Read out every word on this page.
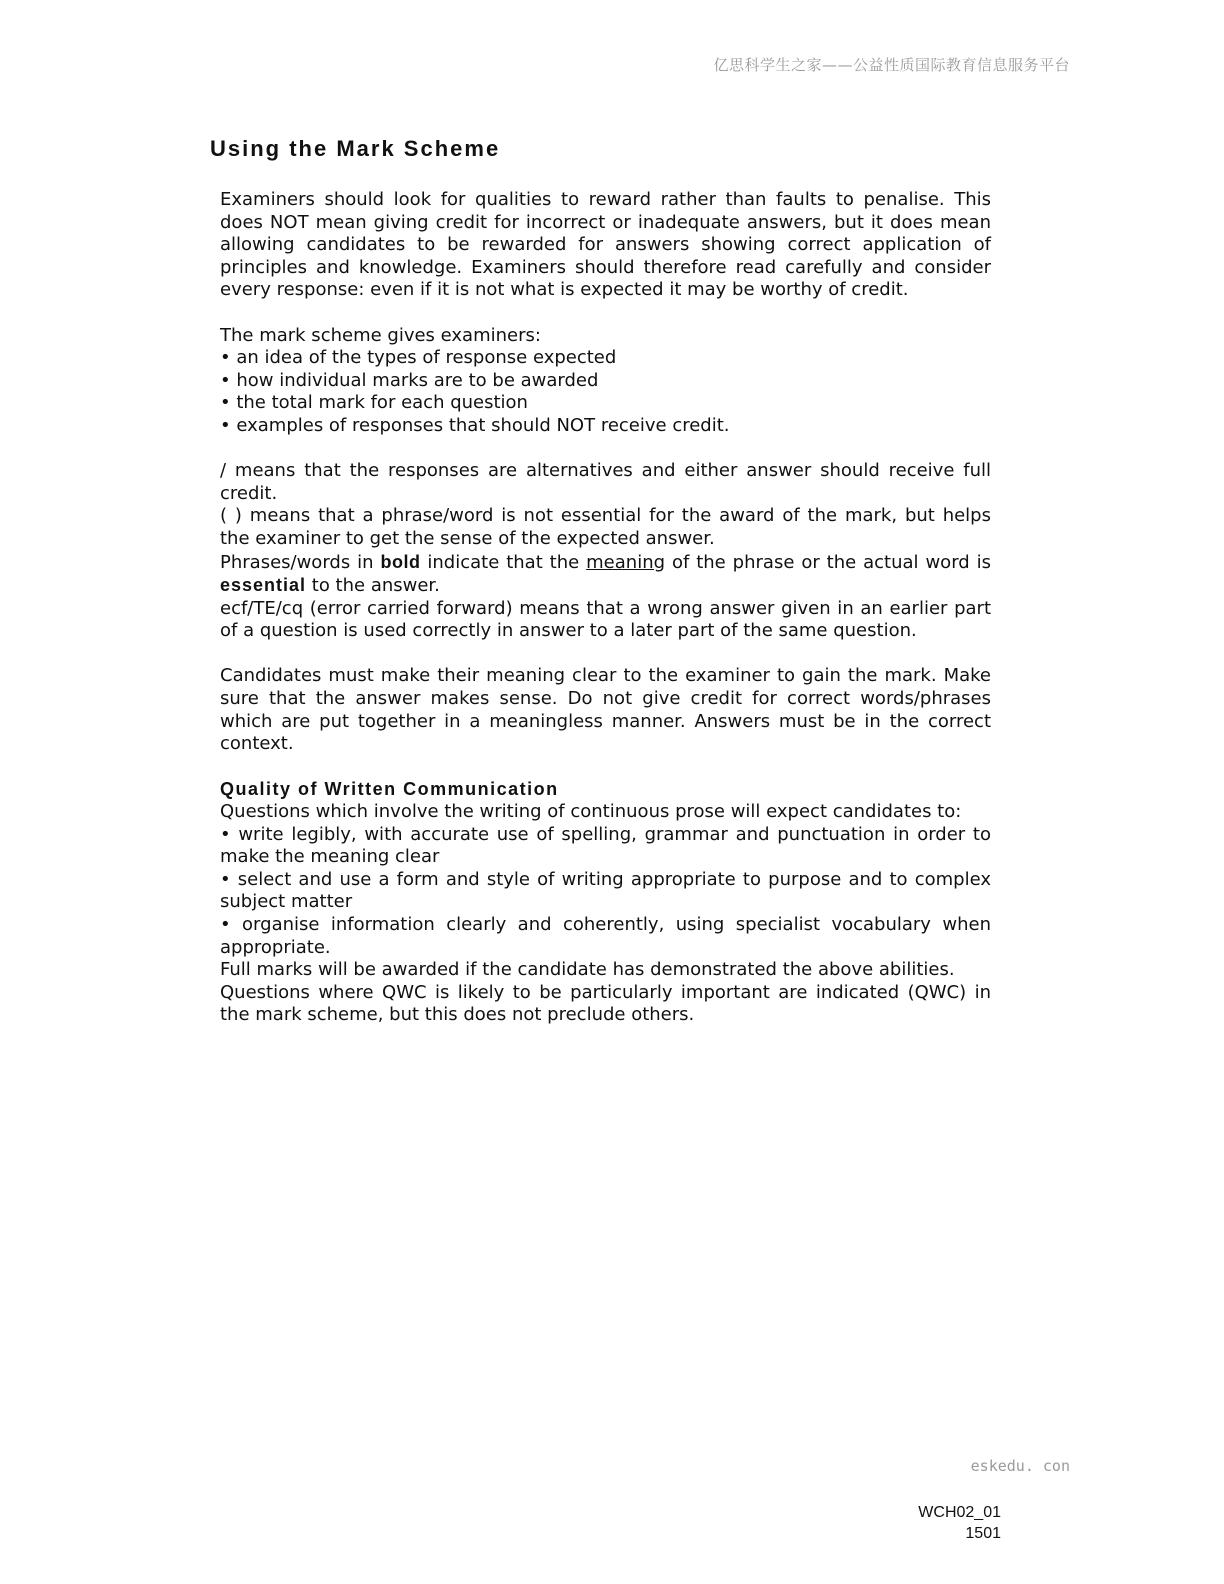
亿思科学生之家——公益性质国际教育信息服务平台
Using the Mark Scheme

Examiners should look for qualities to reward rather than faults to penalise. This does NOT mean giving credit for incorrect or inadequate answers, but it does mean allowing candidates to be rewarded for answers showing correct application of principles and knowledge. Examiners should therefore read carefully and consider every response: even if it is not what is expected it may be worthy of credit.

The mark scheme gives examiners:

• an idea of the types of response expected
• how individual marks are to be awarded
• the total mark for each question
• examples of responses that should NOT receive credit.

/ means that the responses are alternatives and either answer should receive full credit.

( ) means that a phrase/word is not essential for the award of the mark, but helps the examiner to get the sense of the expected answer.

Phrases/words in bold indicate that the meaning of the phrase or the actual word is essential to the answer.

ecf/TE/cq (error carried forward) means that a wrong answer given in an earlier part of a question is used correctly in answer to a later part of the same question.

Candidates must make their meaning clear to the examiner to gain the mark. Make sure that the answer makes sense. Do not give credit for correct words/phrases which are put together in a meaningless manner. Answers must be in the correct context.

Quality of Written Communication

Questions which involve the writing of continuous prose will expect candidates to:

• write legibly, with accurate use of spelling, grammar and punctuation in order to make the meaning clear
• select and use a form and style of writing appropriate to purpose and to complex subject matter
• organise information clearly and coherently, using specialist vocabulary when appropriate.

Full marks will be awarded if the candidate has demonstrated the above abilities.

Questions where QWC is likely to be particularly important are indicated (QWC) in the mark scheme, but this does not preclude others.

eskedu. con
WCH02_01
1501
